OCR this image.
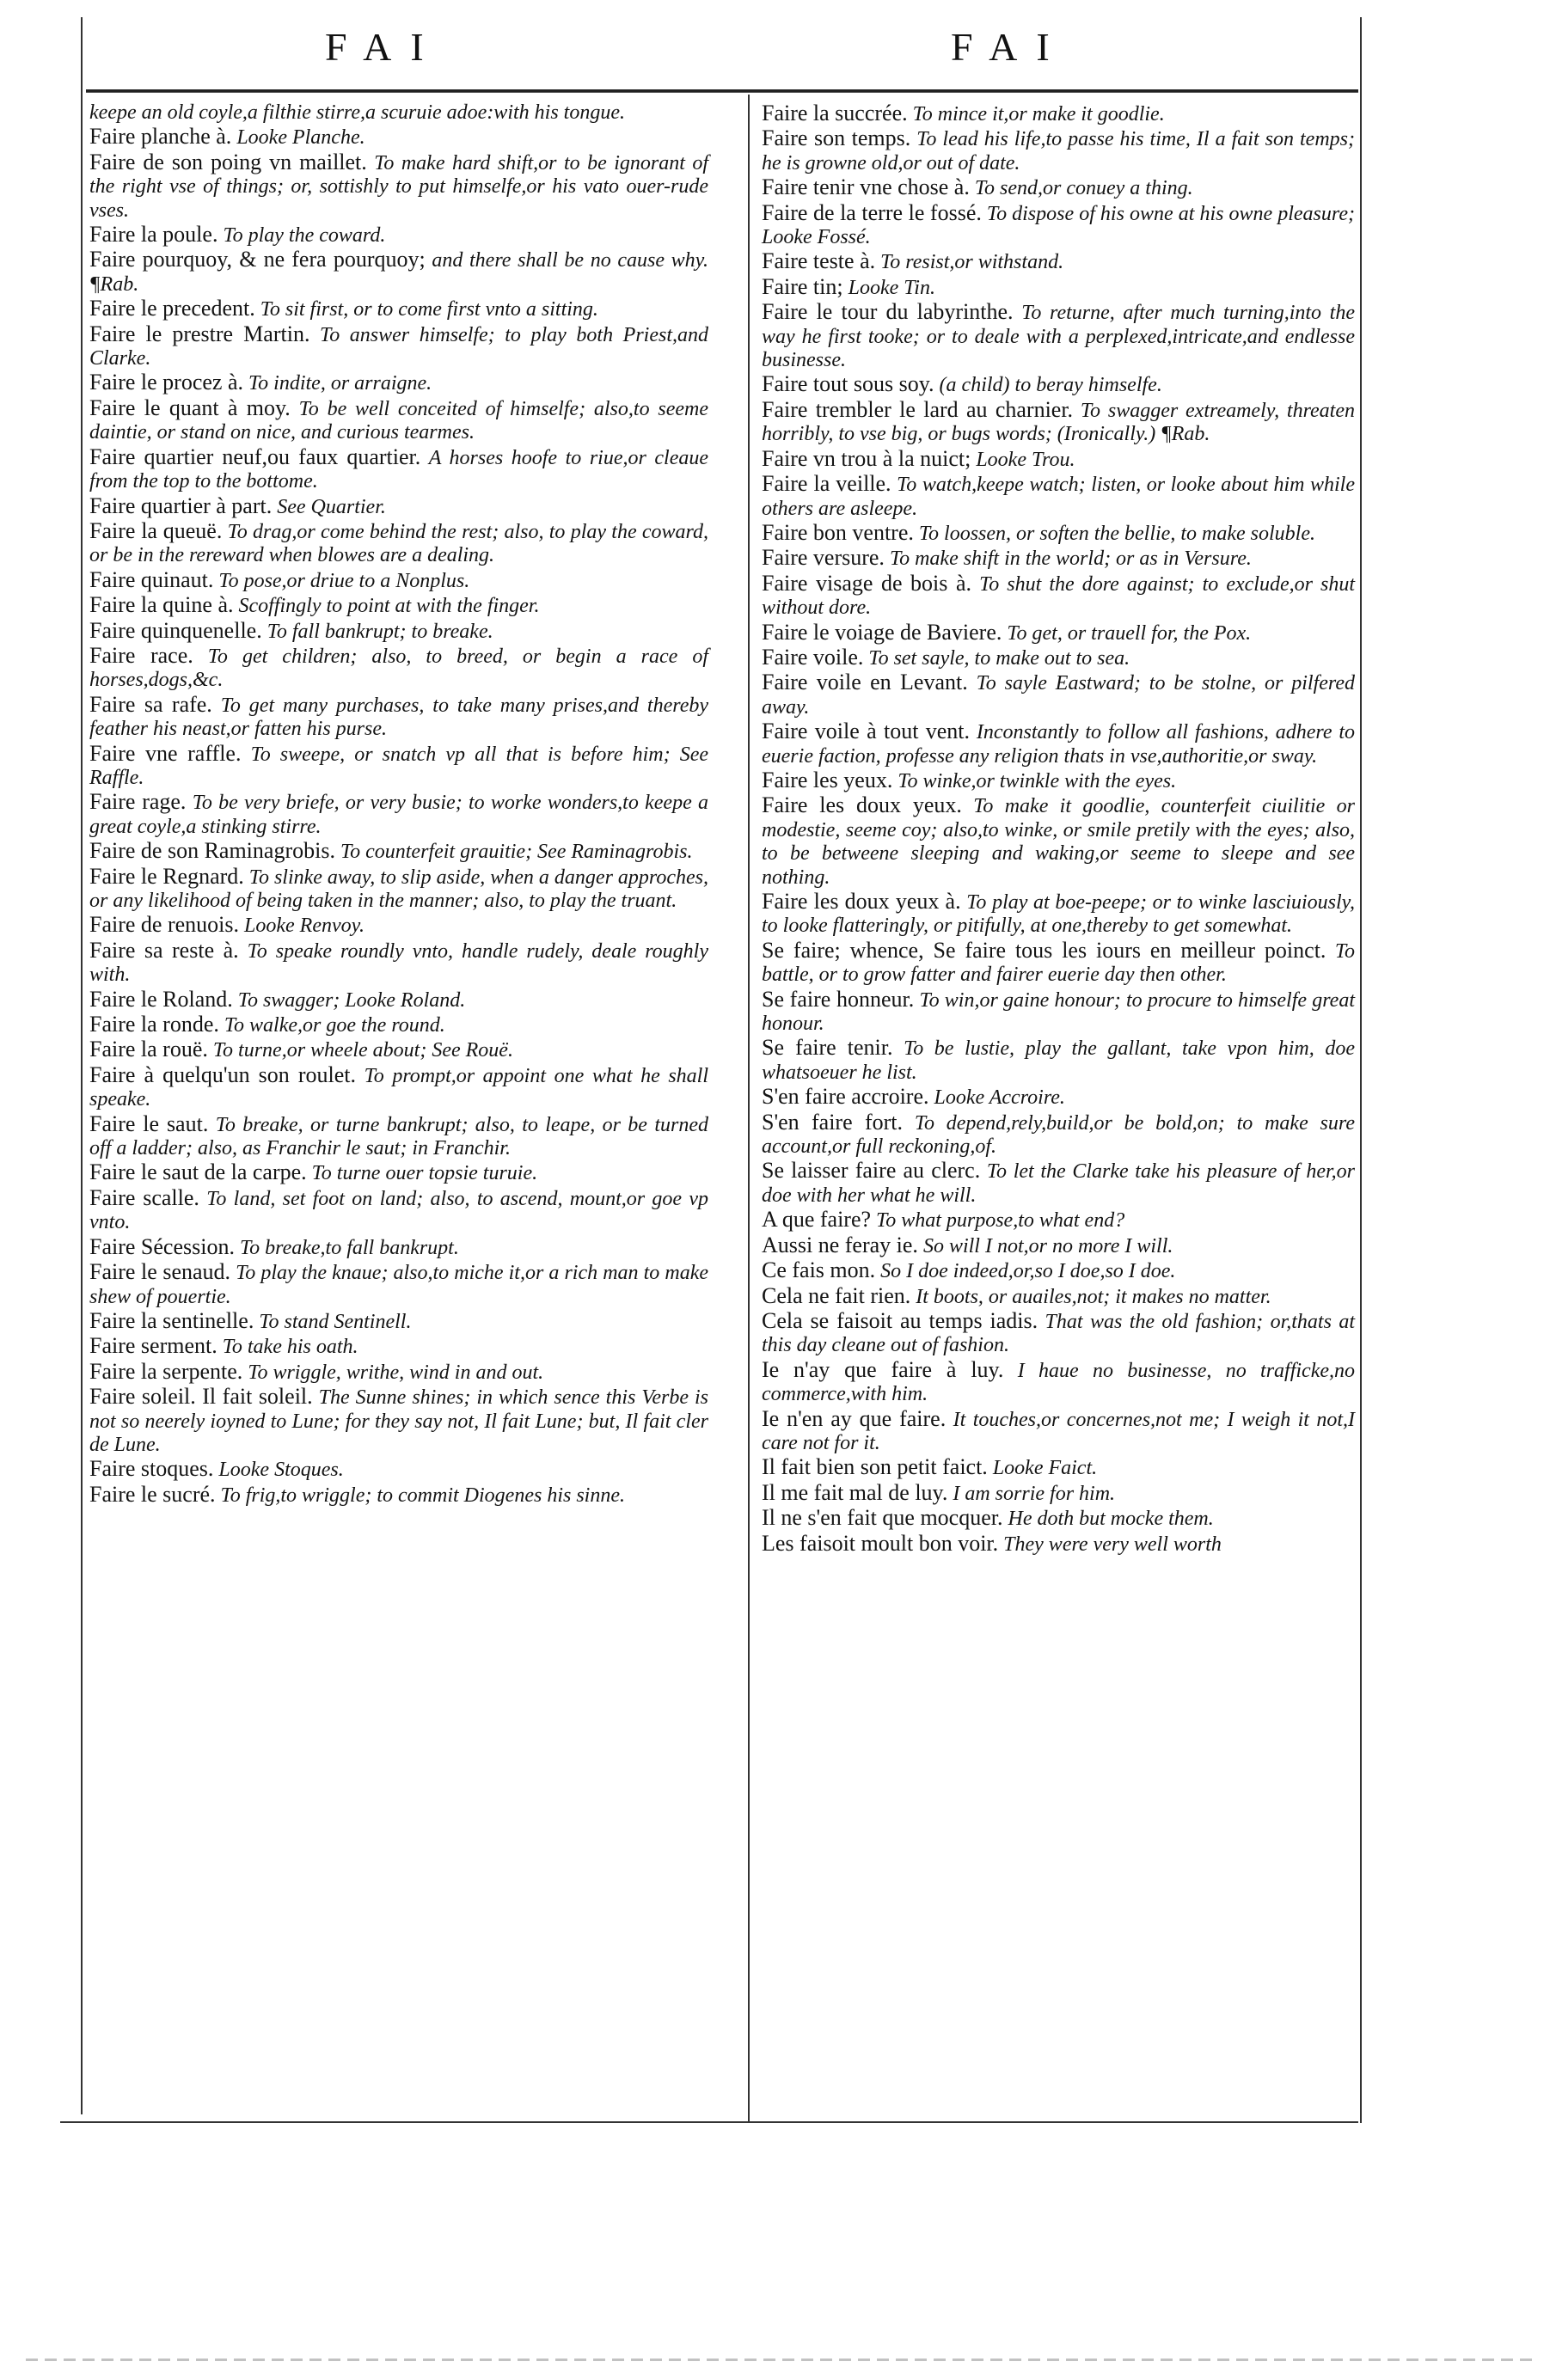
FAI	FAI

keepe an old coyle,a filthie stirre,a scuruie adoe:with his tongue.

Faire planche à. Looke Planche.

Faire de son poing vn maillet. To make hard shift,or to be ignorant of the right vse of things; or, sottishly to put himselfe,or his vato ouer-rude vses.

Faire la poule. To play the coward.

Faire pourquoy, & ne fera pourquoy; and there shall be no cause why. ¶Rab.

Faire le precedent. To sit first, or to come first vnto a sitting.

Faire le prestre Martin. To answer himselfe; to play both Priest,and Clarke.

Faire le procez à. To indite, or arraigne.

Faire le quant à moy. To be well conceited of himselfe; also,to seeme daintie, or stand on nice, and curious tearmes.

Faire quartier neuf,ou faux quartier. A horses hoofe to riue,or cleaue from the top to the bottome.

Faire quartier à part. See Quartier.

Faire la queuë. To drag,or come behind the rest; also, to play the coward, or be in the rereward when blowes are a dealing.

Faire quinaut. To pose,or driue to a Nonplus.

Faire la quine à. Scoffingly to point at with the finger.

Faire quinquenelle. To fall bankrupt; to breake.

Faire race. To get children; also, to breed, or begin a race of horses,dogs,&c.

Faire sa rafe. To get many purchases, to take many prises,and thereby feather his neast,or fatten his purse.

Faire vne raffle. To sweepe, or snatch vp all that is before him; See Raffle.

Faire rage. To be very briefe, or very busie; to worke wonders,to keepe a great coyle,a stinking stirre.

Faire de son Raminagrobis. To counterfeit grauitie; See Raminagrobis.

Faire le Regnard. To slinke away, to slip aside, when a danger approches, or any likelihood of being taken in the manner; also, to play the truant.

Faire de renuois. Looke Renvoy.

Faire sa reste à. To speake roundly vnto, handle rudely, deale roughly with.

Faire le Roland. To swagger; Looke Roland.

Faire la ronde. To walke,or goe the round.

Faire la rouë. To turne,or wheele about; See Rouë.

Faire à quelqu'un son roulet. To prompt,or appoint one what he shall speake.

Faire le saut. To breake, or turne bankrupt; also, to leape, or be turned off a ladder; also, as Franchir le saut; in Franchir.

Faire le saut de la carpe. To turne ouer topsie turuie.

Faire scalle. To land, set foot on land; also, to ascend, mount,or goe vp vnto.

Faire Sécession. To breake,to fall bankrupt.

Faire le senaud. To play the knaue; also,to miche it,or a rich man to make shew of pouertie.

Faire la sentinelle. To stand Sentinell.

Faire serment. To take his oath.

Faire la serpente. To wriggle, writhe, wind in and out.

Faire soleil. Il fait soleil. The Sunne shines; in which sence this Verbe is not so neerely ioyned to Lune; for they say not, Il fait Lune; but, Il fait cler de Lune.

Faire stoques. Looke Stoques.

Faire le sucré. To frig,to wriggle; to commit Diogenes his sinne.

Faire la succrée. To mince it,or make it goodlie.

Faire son temps. To lead his life,to passe his time, Il a fait son temps; he is growne old,or out of date.

Faire tenir vne chose à. To send,or conuey a thing.

Faire de la terre le fossé. To dispose of his owne at his owne pleasure; Looke Fossé.

Faire teste à. To resist,or withstand.

Faire tin; Looke Tin.

Faire le tour du labyrinthe. To returne, after much turning,into the way he first tooke; or to deale with a perplexed,intricate,and endlesse businesse.

Faire tout sous soy. (a child) to beray himselfe.

Faire trembler le lard au charnier. To swagger extreamely, threaten horribly, to vse big, or bugs words; (Ironically.) ¶Rab.

Faire vn trou à la nuict; Looke Trou.

Faire la veille. To watch,keepe watch; listen, or looke about him while others are asleepe.

Faire bon ventre. To loossen, or soften the bellie, to make soluble.

Faire versure. To make shift in the world; or as in Versure.

Faire visage de bois à. To shut the dore against; to exclude,or shut without dore.

Faire le voiage de Baviere. To get, or trauell for, the Pox.

Faire voile. To set sayle, to make out to sea.

Faire voile en Levant. To sayle Eastward; to be stolne, or pilfered away.

Faire voile à tout vent. Inconstantly to follow all fashions, adhere to euerie faction, professe any religion thats in vse,authoritie,or sway.

Faire les yeux. To winke,or twinkle with the eyes.

Faire les doux yeux. To make it goodlie, counterfeit ciuilitie or modestie, seeme coy; also,to winke, or smile pretily with the eyes; also, to be betweene sleeping and waking,or seeme to sleepe and see nothing.

Faire les doux yeux à. To play at boe-peepe; or to winke lasciuiously, to looke flatteringly, or pitifully, at one,thereby to get somewhat.

Se faire; whence, Se faire tous les iours en meilleur poinct. To battle, or to grow fatter and fairer euerie day then other.

Se faire honneur. To win,or gaine honour; to procure to himselfe great honour.

Se faire tenir. To be lustie, play the gallant, take vpon him, doe whatsoeuer he list.

S'en faire accroire. Looke Accroire.

S'en faire fort. To depend,rely,build,or be bold,on; to make sure account,or full reckoning,of.

Se laisser faire au clerc. To let the Clarke take his pleasure of her,or doe with her what he will.

A que faire? To what purpose,to what end?

Aussi ne feray ie. So will I not,or no more I will.

Ce fais mon. So I doe indeed,or,so I doe,so I doe.

Cela ne fait rien. It boots, or auailes,not; it makes no matter.

Cela se faisoit au temps iadis. That was the old fashion; or,thats at this day cleane out of fashion.

Ie n'ay que faire à luy. I haue no businesse, no trafficke,no commerce,with him.

Ie n'en ay que faire. It touches,or concernes,not me; I weigh it not,I care not for it.

Il fait bien son petit faict. Looke Faict.

Il me fait mal de luy. I am sorrie for him.

Il ne s'en fait que mocquer. He doth but mocke them.

Les faisoit moult bon voir. They were very well worth
